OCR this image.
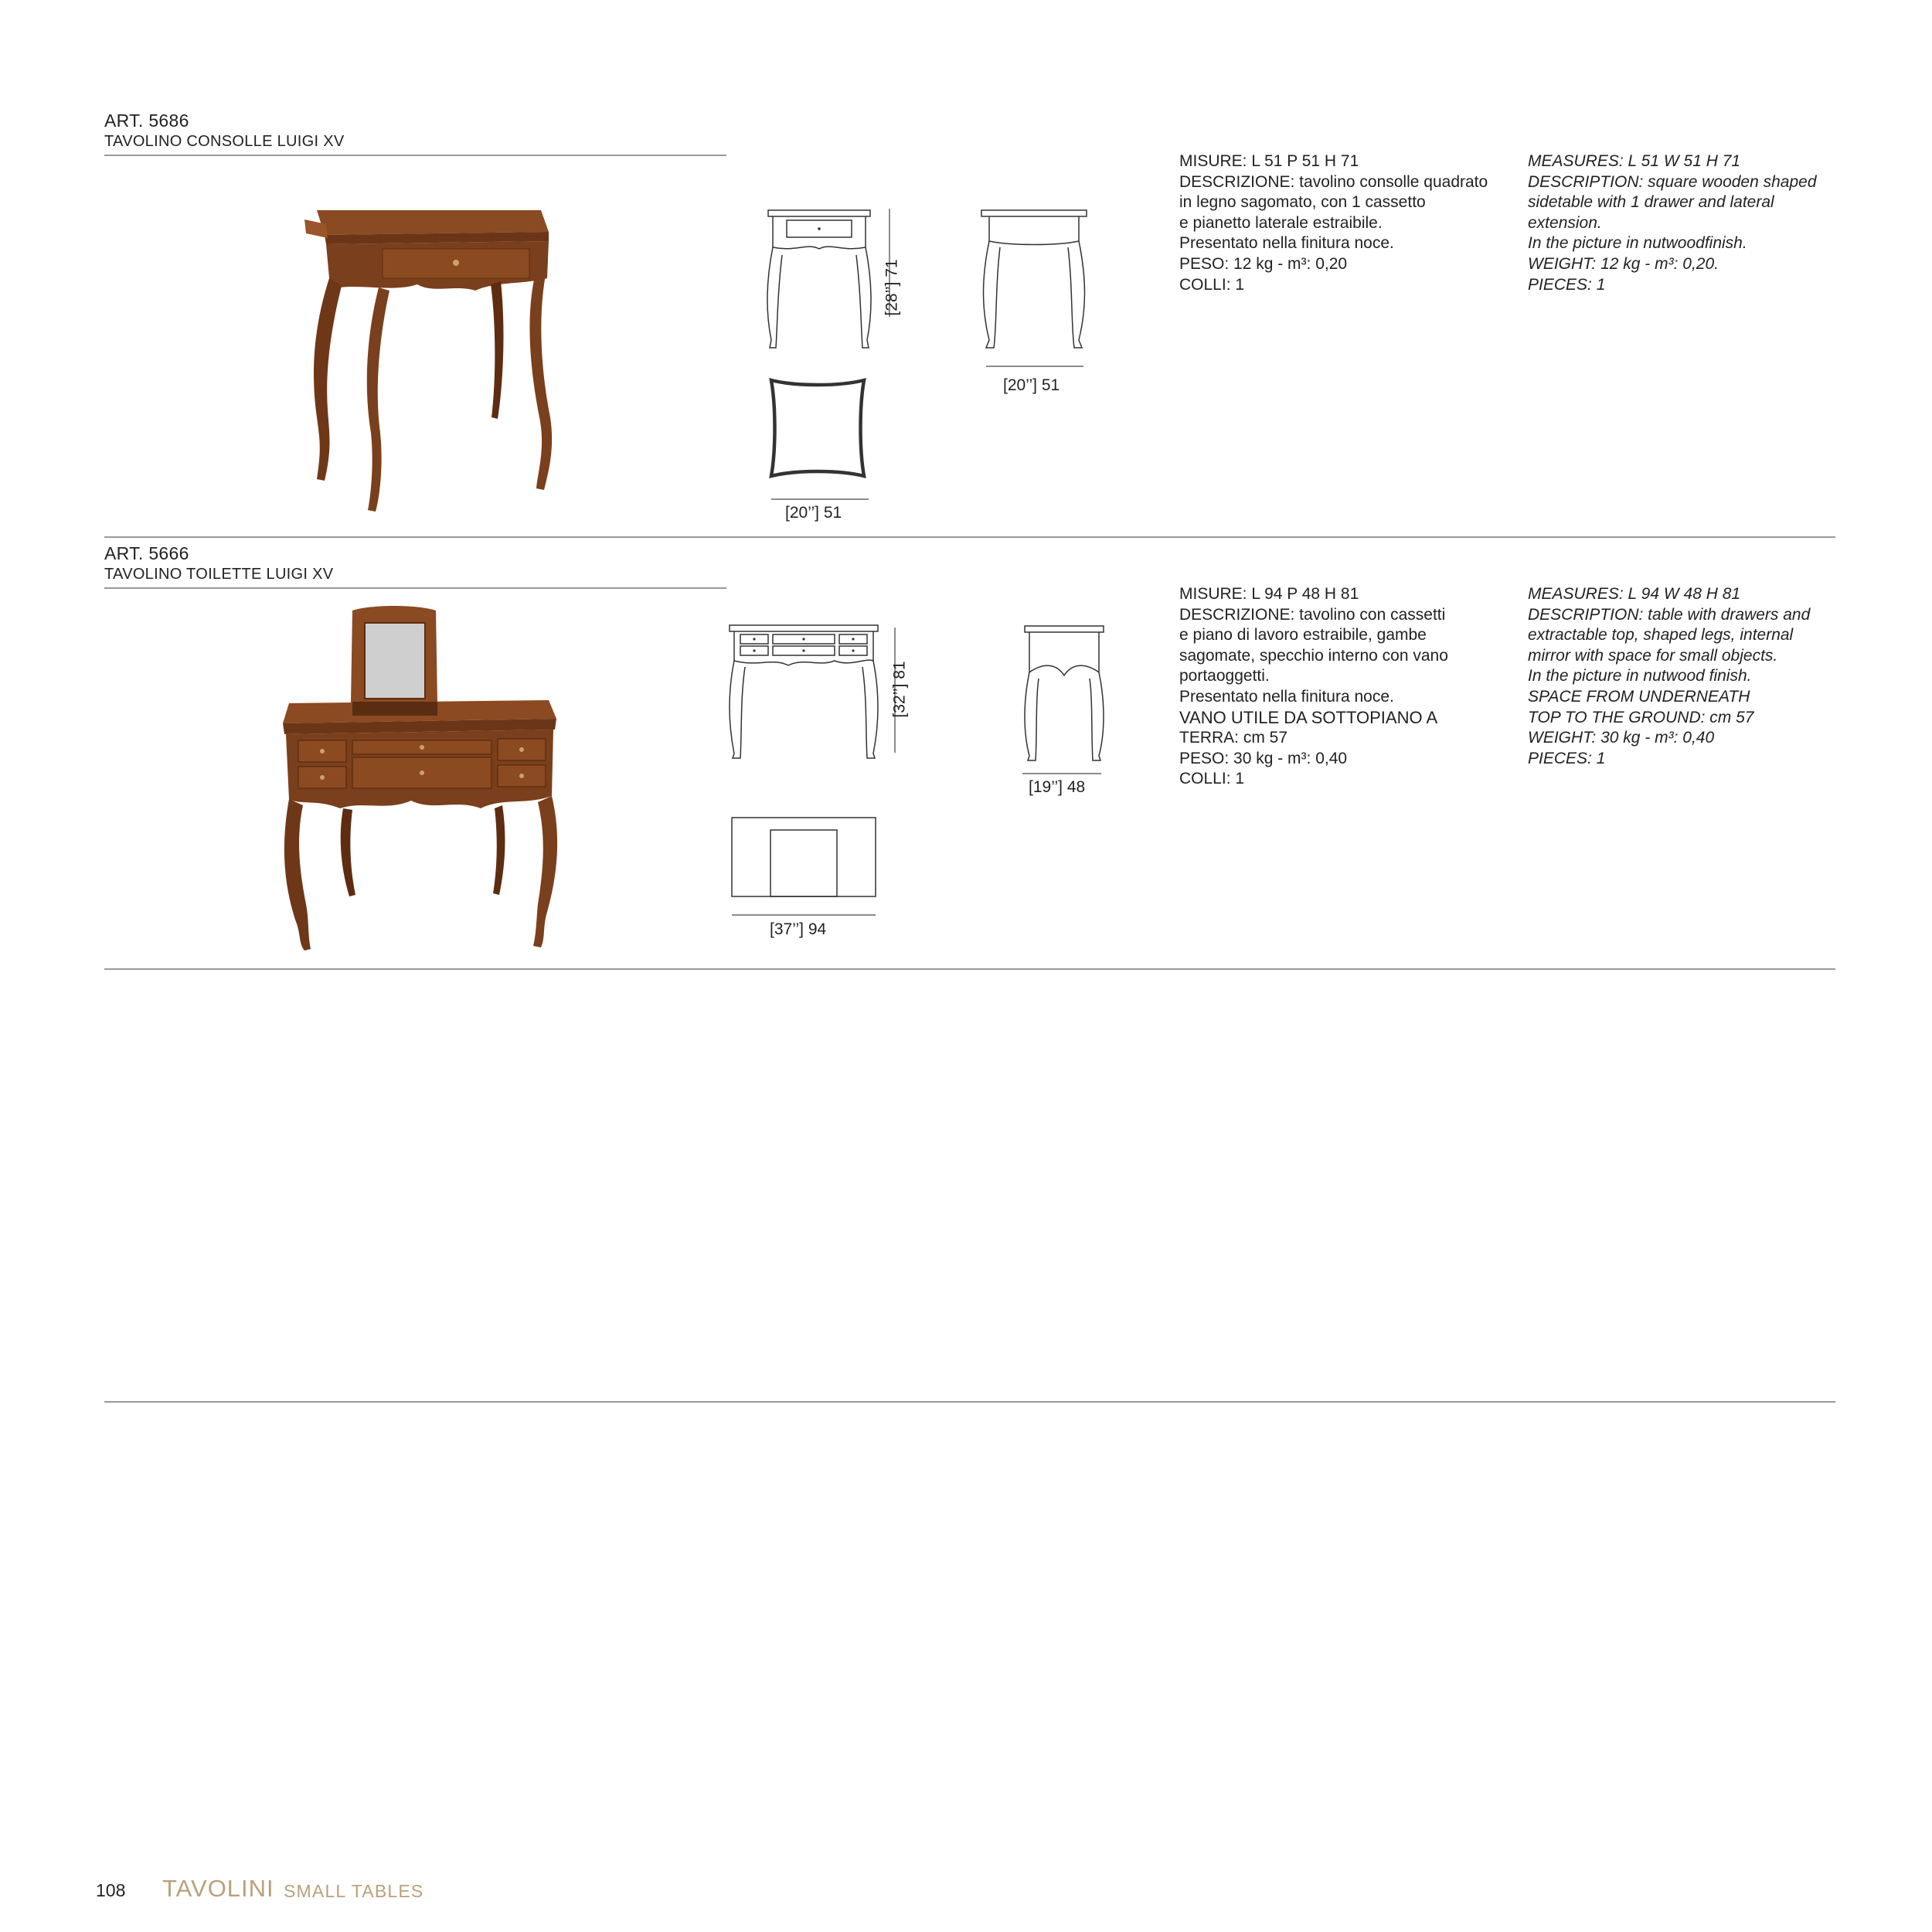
ART. 5686
TAVOLINO CONSOLLE LUIGI XV
[28’’] 71
[20’’] 51
[20’’] 51
MISURE: L 51 P 51 H 71
DESCRIZIONE: tavolino consolle quadrato
in legno sagomato, con 1 cassetto
e pianetto laterale estraibile.
Presentato nella finitura noce.
PESO: 12 kg - m³: 0,20
COLLI: 1
MEASURES: L 51 W 51 H 71
DESCRIPTION: square wooden shaped
sidetable with 1 drawer and lateral
extension.
In the picture in nutwoodfinish.
WEIGHT: 12 kg - m³: 0,20.
PIECES: 1
ART. 5666
TAVOLINO TOILETTE LUIGI XV
[32’’] 81
[19’’] 48
[37’’] 94
MISURE: L 94 P 48 H 81
DESCRIZIONE: tavolino con cassetti
e piano di lavoro estraibile, gambe
sagomate, specchio interno con vano
portaoggetti.
Presentato nella finitura noce.
VANO UTILE DA SOTTOPIANO A
TERRA: cm 57
PESO: 30 kg - m³: 0,40
COLLI: 1
MEASURES: L 94 W 48 H 81
DESCRIPTION: table with drawers and
extractable top, shaped legs, internal
mirror with space for small objects.
In the picture in nutwood finish.
SPACE FROM UNDERNEATH
TOP TO THE GROUND: cm 57
WEIGHT: 30 kg - m³: 0,40
PIECES: 1
108 TAVOLINI SMALL TABLES
